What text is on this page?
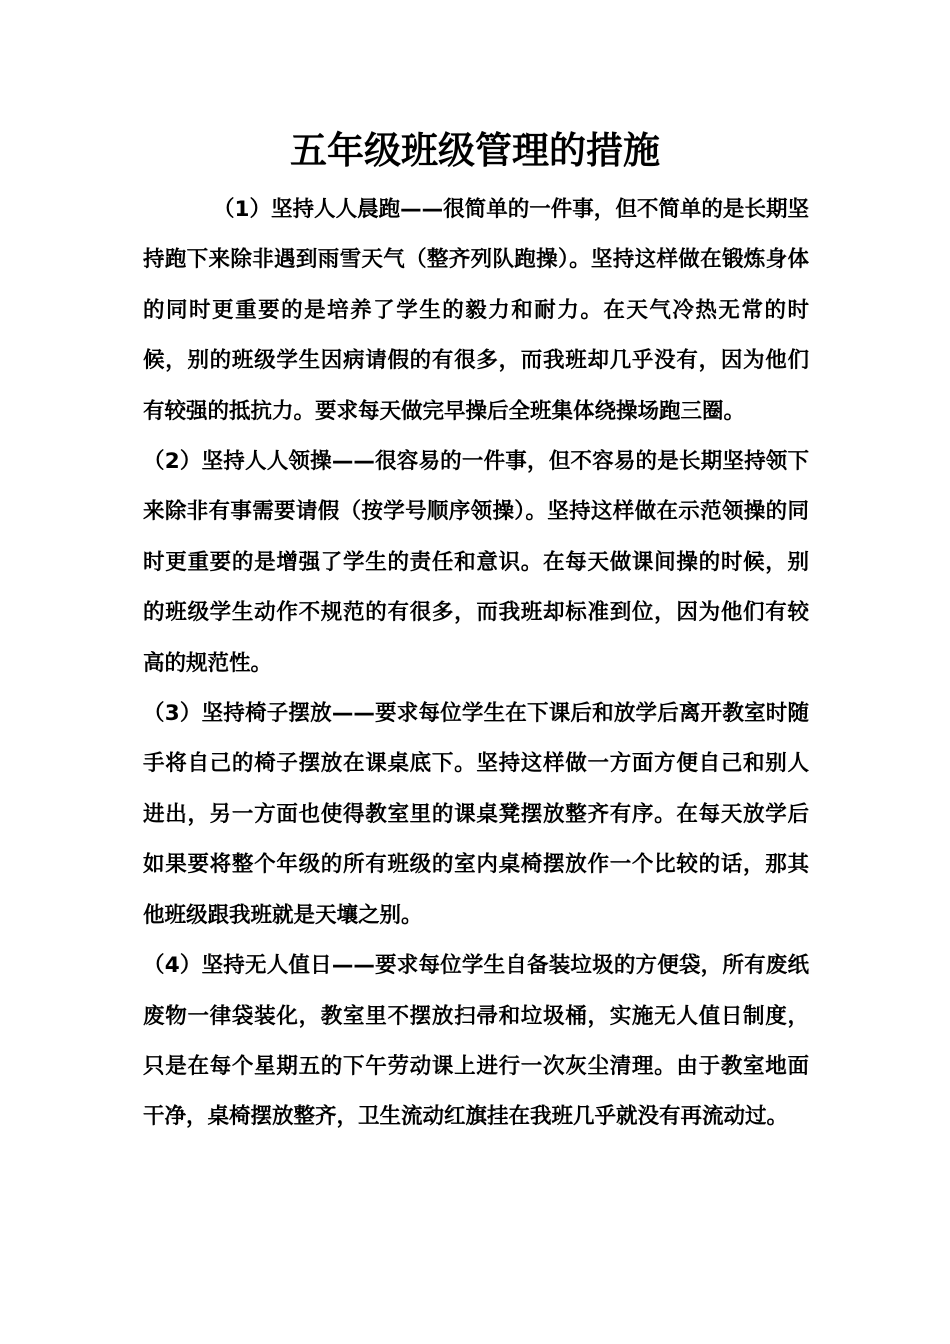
五年级班级管理的措施

（1）坚持人人晨跑——很简单的一件事，但不简单的是长期坚持跑下来除非遇到雨雪天气（整齐列队跑操）。坚持这样做在锻炼身体的同时更重要的是培养了学生的毅力和耐力。在天气冷热无常的时候，别的班级学生因病请假的有很多，而我班却几乎没有，因为他们有较强的抵抗力。要求每天做完早操后全班集体绕操场跑三圈。

（2）坚持人人领操——很容易的一件事，但不容易的是长期坚持领下来除非有事需要请假（按学号顺序领操）。坚持这样做在示范领操的同时更重要的是增强了学生的责任和意识。在每天做课间操的时候，别的班级学生动作不规范的有很多，而我班却标准到位，因为他们有较高的规范性。

（3）坚持椅子摆放——要求每位学生在下课后和放学后离开教室时随手将自己的椅子摆放在课桌底下。坚持这样做一方面方便自己和别人进出，另一方面也使得教室里的课桌凳摆放整齐有序。在每天放学后如果要将整个年级的所有班级的室内桌椅摆放作一个比较的话，那其他班级跟我班就是天壤之别。

（4）坚持无人值日——要求每位学生自备装垃圾的方便袋，所有废纸废物一律袋装化，教室里不摆放扫帚和垃圾桶，实施无人值日制度，只是在每个星期五的下午劳动课上进行一次灰尘清理。由于教室地面干净，桌椅摆放整齐，卫生流动红旗挂在我班几乎就没有再流动过。
